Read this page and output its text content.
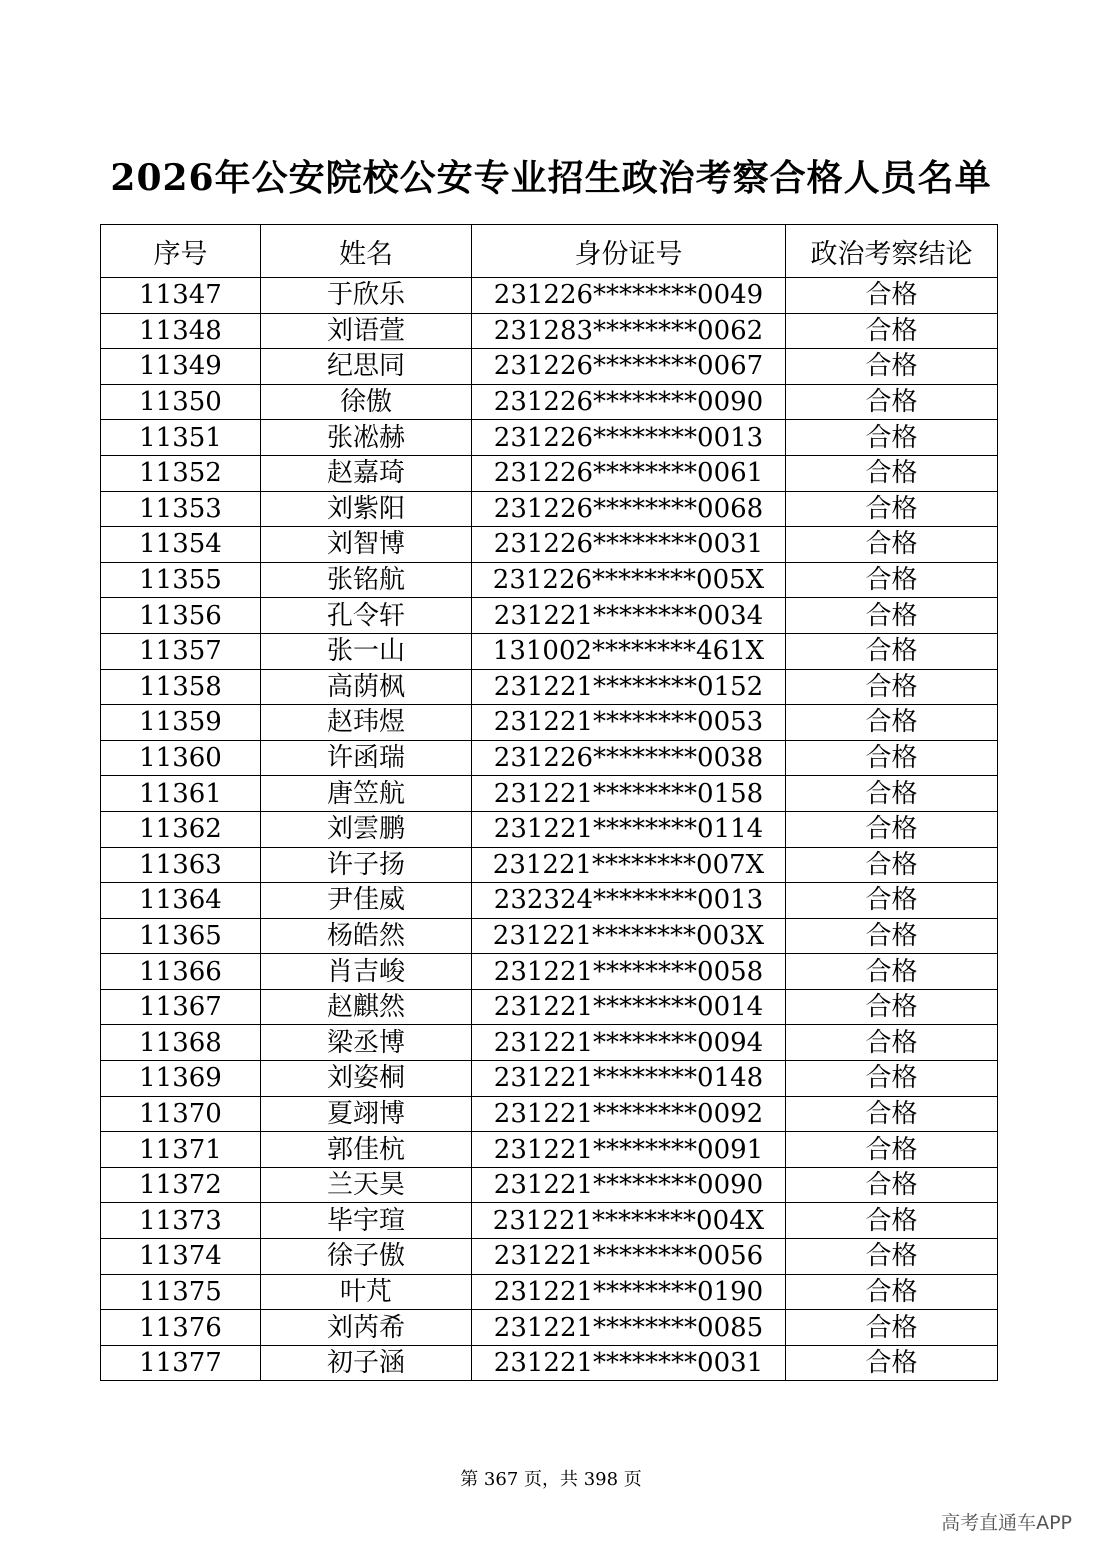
2026年公安院校公安专业招生政治考察合格人员名单
序号	姓名	身份证号	政治考察结论
11347	于欣乐	231226********0049	合格
11348	刘语萱	231283********0062	合格
11349	纪思同	231226********0067	合格
11350	徐傲	231226********0090	合格
11351	张凇赫	231226********0013	合格
11352	赵嘉琦	231226********0061	合格
11353	刘紫阳	231226********0068	合格
11354	刘智博	231226********0031	合格
11355	张铭航	231226********005X	合格
11356	孔令轩	231221********0034	合格
11357	张一山	131002********461X	合格
11358	高荫枫	231221********0152	合格
11359	赵玮煜	231221********0053	合格
11360	许函瑞	231226********0038	合格
11361	唐笠航	231221********0158	合格
11362	刘雲鹏	231221********0114	合格
11363	许子扬	231221********007X	合格
11364	尹佳威	232324********0013	合格
11365	杨皓然	231221********003X	合格
11366	肖吉峻	231221********0058	合格
11367	赵麒然	231221********0014	合格
11368	梁丞博	231221********0094	合格
11369	刘姿桐	231221********0148	合格
11370	夏翊博	231221********0092	合格
11371	郭佳杭	231221********0091	合格
11372	兰天昊	231221********0090	合格
11373	毕宇瑄	231221********004X	合格
11374	徐子傲	231221********0056	合格
11375	叶芃	231221********0190	合格
11376	刘芮希	231221********0085	合格
11377	初子涵	231221********0031	合格
第 367 页，共 398 页
高考直通车APP
